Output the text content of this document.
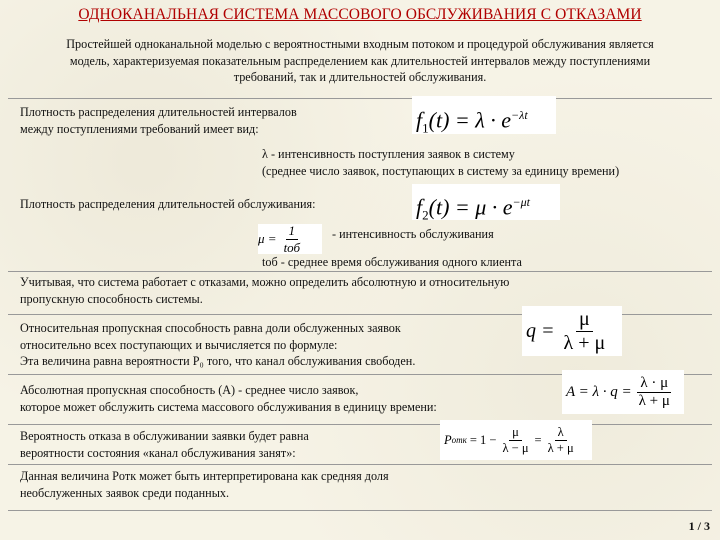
ОДНОКАНАЛЬНАЯ СИСТЕМА МАССОВОГО ОБСЛУЖИВАНИЯ С ОТКАЗАМИ
Простейшей одноканальной моделью с вероятностными входным потоком и процедурой обслуживания является модель, характеризуемая показательным распределением как длительностей интервалов между поступлениями требований, так и длительностей обслуживания.
Плотность распределения длительностей интервалов
между поступлениями требований имеет вид:	$f_1(t) = \lambda \cdot e^{-\lambda t}$
λ - интенсивность поступления заявок в систему
(среднее число заявок, поступающих в систему за единицу времени)
Плотность распределения длительностей обслуживания:	$f_2(t) = \mu \cdot e^{-\mu t}$
$\mu = \frac{1}{\text{tоб}}$ - интенсивность обслуживания
tоб - среднее время обслуживания одного клиента
Учитывая, что система работает с отказами, можно определить абсолютную и относительную
пропускную способность системы.
Относительная пропускная способность равна доли обслуженных заявок
относительно всех поступающих и вычисляется по формуле:
Эта величина равна вероятности P₀ того, что канал обслуживания свободен.
$q = \frac{\mu}{\lambda + \mu}$
Абсолютная пропускная способность (А) - среднее число заявок,
которое может обслужить система массового обслуживания в единицу времени:
$A = \lambda \cdot q = \frac{\lambda \cdot \mu}{\lambda + \mu}$
Вероятность отказа в обслуживании заявки будет равна
вероятности состояния «канал обслуживания занят»:
P отк = $1 - \frac{\mu}{\lambda - \mu} = \frac{\lambda}{\lambda + \mu}$
Данная величина Pотк может быть интерпретирована как средняя доля
необслуженных заявок среди поданных.
1 / 3
